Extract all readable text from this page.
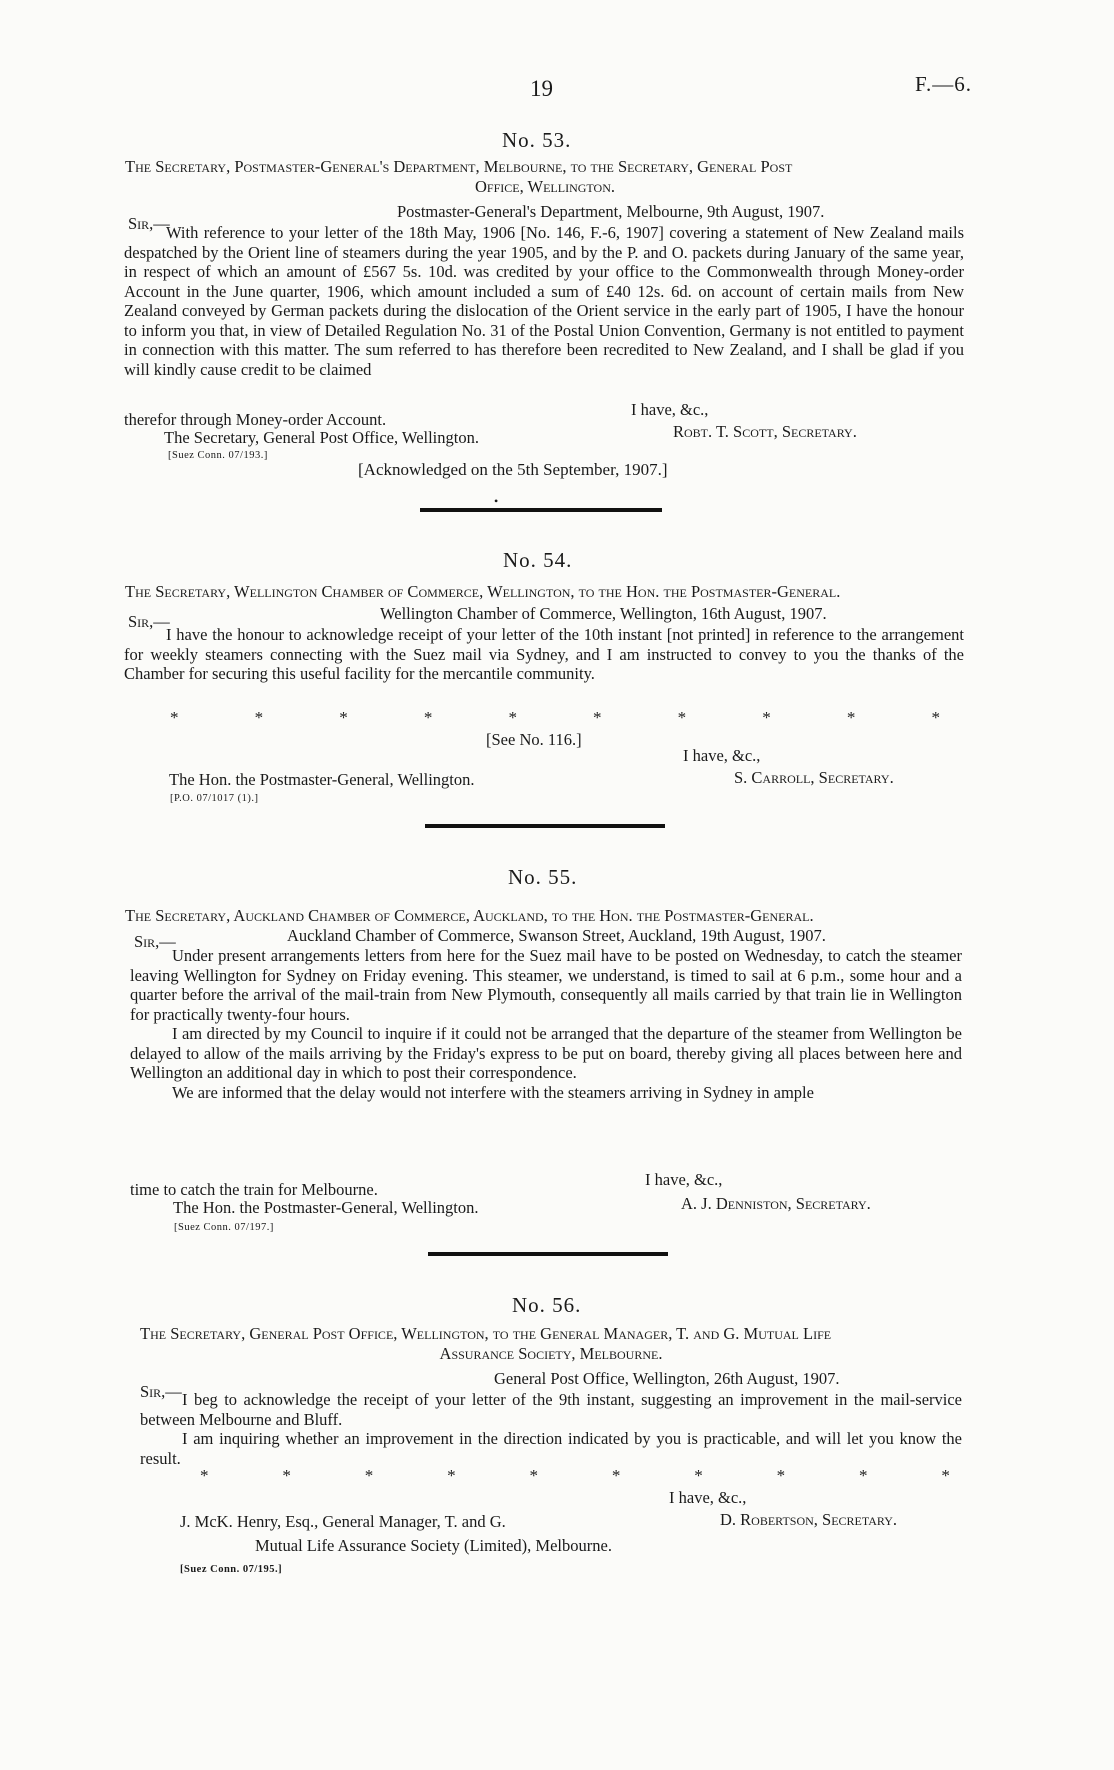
19	F.—6.
No. 53.
The Secretary, Postmaster-General's Department, Melbourne, to the Secretary, General Post
Office, Wellington.
Sir,—
Postmaster-General's Department, Melbourne, 9th August, 1907.

With reference to your letter of the 18th May, 1906 [No. 146, F.-6, 1907] covering a statement of New Zealand mails despatched by the Orient line of steamers during the year 1905, and by the P. and O. packets during January of the same year, in respect of which an amount of £567 5s. 10d. was credited by your office to the Commonwealth through Money-order Account in the June quarter, 1906, which amount included a sum of £40 12s. 6d. on account of certain mails from New Zealand conveyed by German packets during the dislocation of the Orient service in the early part of 1905, I have the honour to inform you that, in view of Detailed Regulation No. 31 of the Postal Union Convention, Germany is not entitled to payment in connection with this matter. The sum referred to has therefore been recredited to New Zealand, and I shall be glad if you will kindly cause credit to be claimed

therefor through Money-order Account.
I have, &c.,
The Secretary, General Post Office, Wellington.	Robt. T. Scott, Secretary.
[Suez Conn. 07/193.]
[Acknowledged on the 5th September, 1907.]
•
No. 54.
The Secretary, Wellington Chamber of Commerce, Wellington, to the Hon. the Postmaster-General.
Sir,—	Wellington Chamber of Commerce, Wellington, 16th August, 1907.

I have the honour to acknowledge receipt of your letter of the 10th instant [not printed] in reference to the arrangement for weekly steamers connecting with the Suez mail via Sydney, and I am instructed to convey to you the thanks of the Chamber for securing this useful facility for the mercantile community.

*	*	*	*	*	*	*	*	*	*
[See No. 116.]
I have, &c.,
The Hon. the Postmaster-General, Wellington.	S. Carroll, Secretary.
[P.O. 07/1017 (1).]
No. 55.
The Secretary, Auckland Chamber of Commerce, Auckland, to the Hon. the Postmaster-General.
Sir,—	Auckland Chamber of Commerce, Swanson Street, Auckland, 19th August, 1907.

Under present arrangements letters from here for the Suez mail have to be posted on Wednesday, to catch the steamer leaving Wellington for Sydney on Friday evening. This steamer, we understand, is timed to sail at 6 p.m., some hour and a quarter before the arrival of the mail-train from New Plymouth, consequently all mails carried by that train lie in Wellington for practically twenty-four hours.

I am directed by my Council to inquire if it could not be arranged that the departure of the steamer from Wellington be delayed to allow of the mails arriving by the Friday's express to be put on board, thereby giving all places between here and Wellington an additional day in which to post their correspondence.

We are informed that the delay would not interfere with the steamers arriving in Sydney in ample

time to catch the train for Melbourne.
I have, &c.,
The Hon. the Postmaster-General, Wellington.	A. J. Denniston, Secretary.
[Suez Conn. 07/197.]
No. 56.
The Secretary, General Post Office, Wellington, to the General Manager, T. and G. Mutual Life
Assurance Society, Melbourne.
Sir,—
General Post Office, Wellington, 26th August, 1907.

I beg to acknowledge the receipt of your letter of the 9th instant, suggesting an improvement in the mail-service between Melbourne and Bluff.

I am inquiring whether an improvement in the direction indicated by you is practicable, and will let you know the result.

*	*	*	*	*	*	*	*	*	*
I have, &c.,
J. McK. Henry, Esq., General Manager, T. and G.	D. Robertson, Secretary.
Mutual Life Assurance Society (Limited), Melbourne.
[Suez Conn. 07/195.]
